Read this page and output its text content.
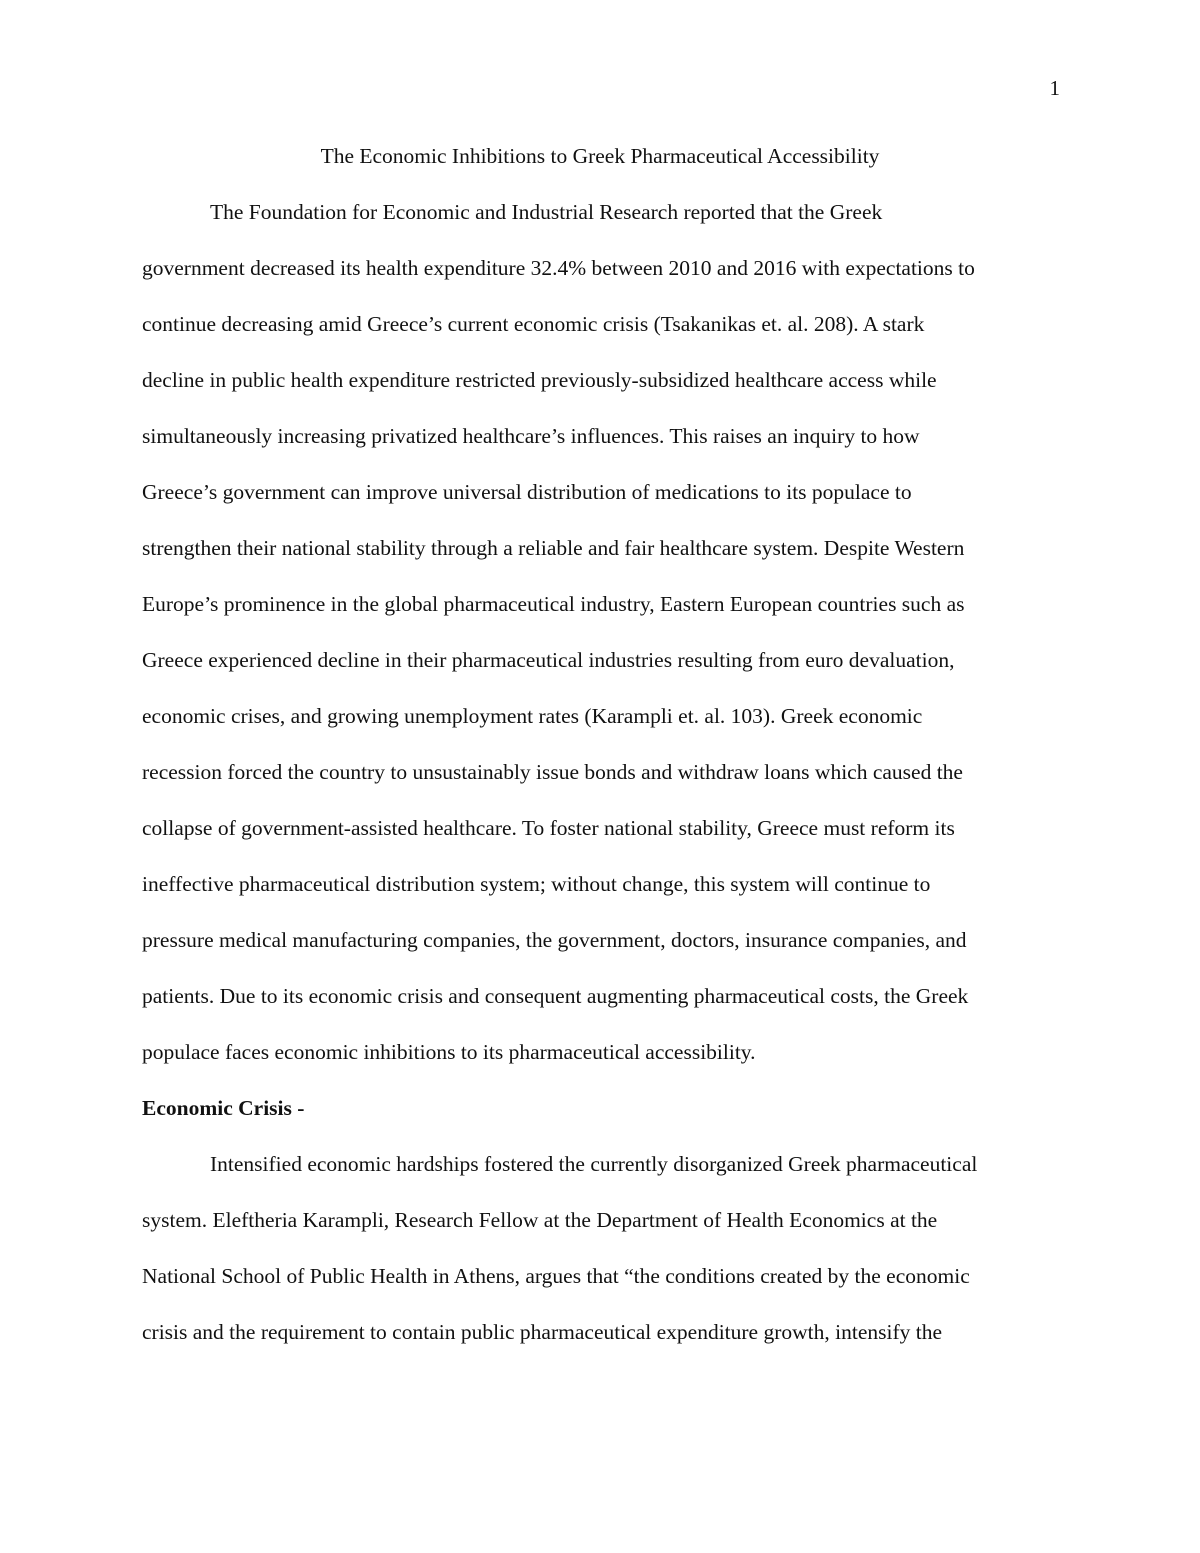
1
The Economic Inhibitions to Greek Pharmaceutical Accessibility
The Foundation for Economic and Industrial Research reported that the Greek
government decreased its health expenditure 32.4% between 2010 and 2016 with expectations to
continue decreasing amid Greece’s current economic crisis (Tsakanikas et. al. 208). A stark
decline in public health expenditure restricted previously-subsidized healthcare access while
simultaneously increasing privatized healthcare’s influences. This raises an inquiry to how
Greece’s government can improve universal distribution of medications to its populace to
strengthen their national stability through a reliable and fair healthcare system. Despite Western
Europe’s prominence in the global pharmaceutical industry, Eastern European countries such as
Greece experienced decline in their pharmaceutical industries resulting from euro devaluation,
economic crises, and growing unemployment rates (Karampli et. al. 103). Greek economic
recession forced the country to unsustainably issue bonds and withdraw loans which caused the
collapse of government-assisted healthcare. To foster national stability, Greece must reform its
ineffective pharmaceutical distribution system; without change, this system will continue to
pressure medical manufacturing companies, the government, doctors, insurance companies, and
patients. Due to its economic crisis and consequent augmenting pharmaceutical costs, the Greek
populace faces economic inhibitions to its pharmaceutical accessibility.
Economic Crisis -
Intensified economic hardships fostered the currently disorganized Greek pharmaceutical
system. Eleftheria Karampli, Research Fellow at the Department of Health Economics at the
National School of Public Health in Athens, argues that “the conditions created by the economic
crisis and the requirement to contain public pharmaceutical expenditure growth, intensify the
